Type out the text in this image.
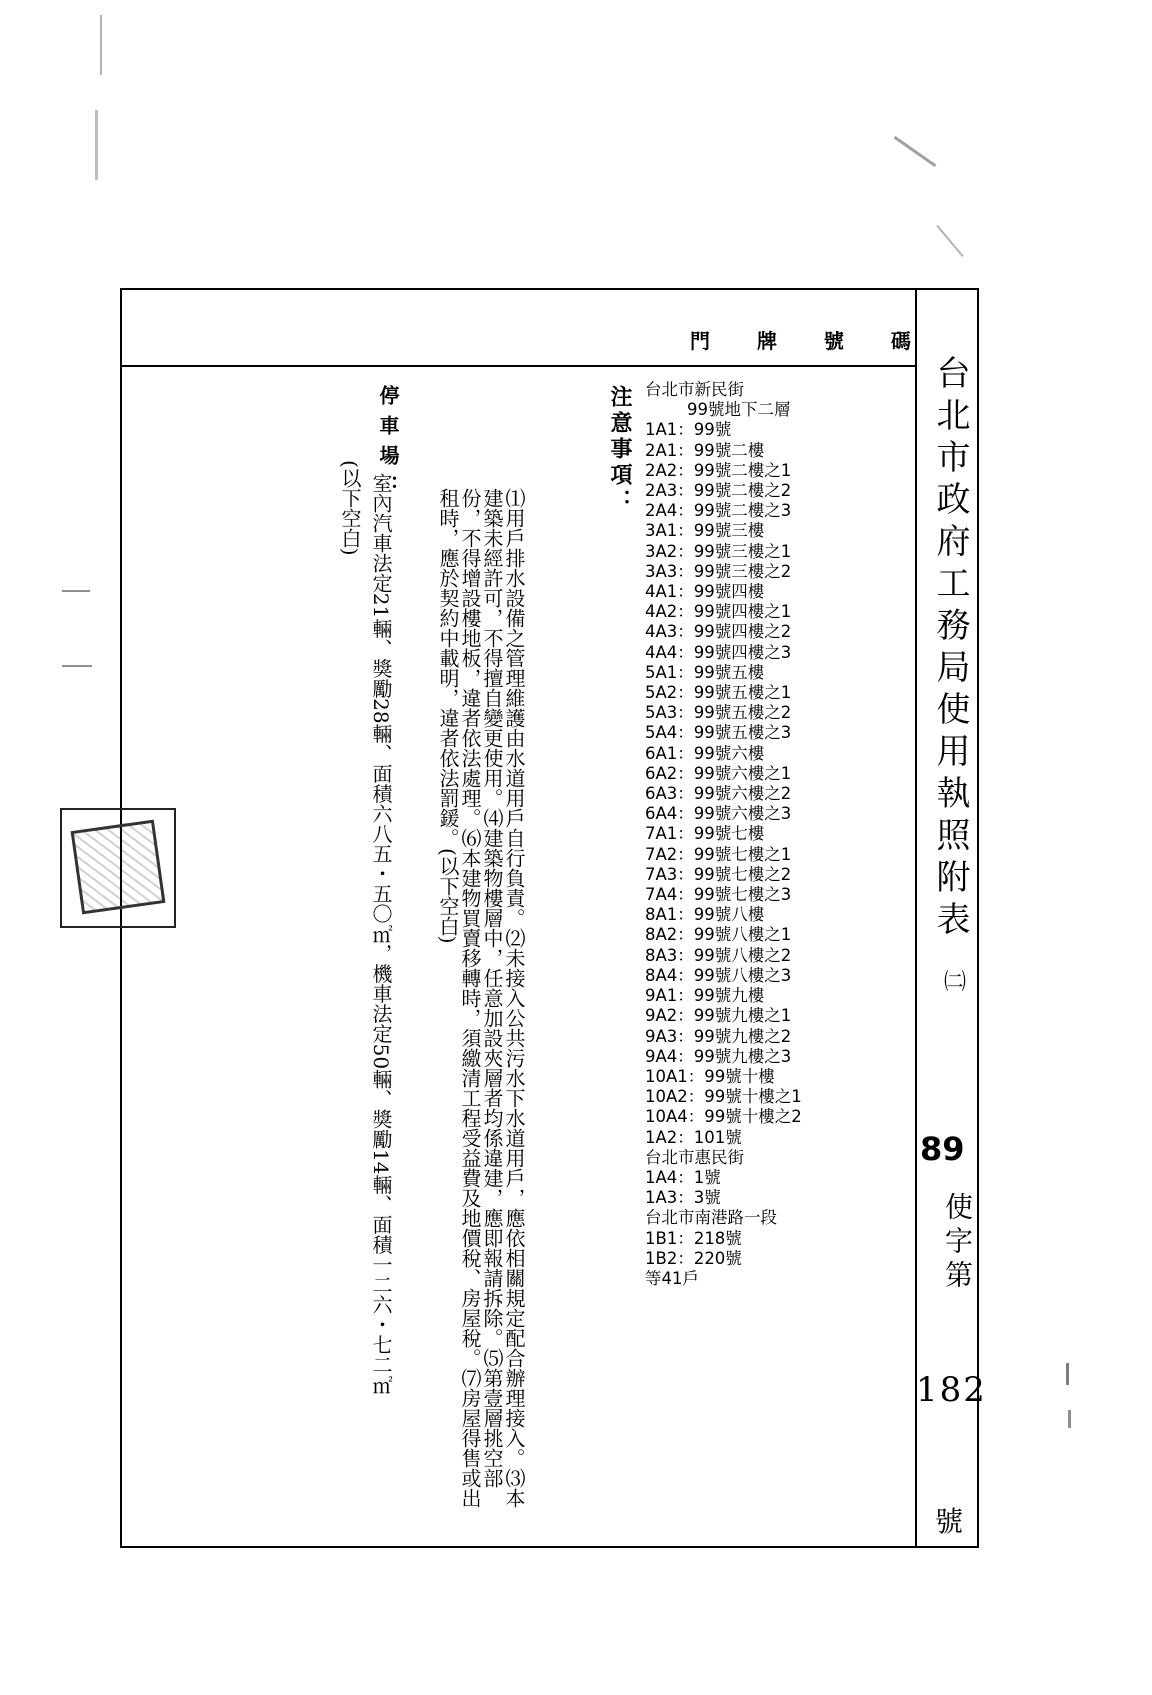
門 牌 號 碼
台北市政府工務局使用執照附表
㈡
89
使字第
182
號
台北市新民街
99號地下二層
1A1：99號
2A1：99號二樓
2A2：99號二樓之1
2A3：99號二樓之2
2A4：99號二樓之3
3A1：99號三樓
3A2：99號三樓之1
3A3：99號三樓之2
4A1：99號四樓
4A2：99號四樓之1
4A3：99號四樓之2
4A4：99號四樓之3
5A1：99號五樓
5A2：99號五樓之1
5A3：99號五樓之2
5A4：99號五樓之3
6A1：99號六樓
6A2：99號六樓之1
6A3：99號六樓之2
6A4：99號六樓之3
7A1：99號七樓
7A2：99號七樓之1
7A3：99號七樓之2
7A4：99號七樓之3
8A1：99號八樓
8A2：99號八樓之1
8A3：99號八樓之2
8A4：99號八樓之3
9A1：99號九樓
9A2：99號九樓之1
9A3：99號九樓之2
9A4：99號九樓之3
10A1：99號十樓
10A2：99號十樓之1
10A4：99號十樓之2
1A2：101號
台北市惠民街
1A4：1號
1A3：3號
台北市南港路一段
1B1：218號
1B2：220號
等41戶
注意事項：
⑴用戶排水設備之管理維護由水道用戶自行負責。⑵未接入公共污水下水道用戶，應依相關規定配合辦理接入。⑶本建築未經許可，不得擅自變更使用。⑷建築物樓層中，任意加設夾層者均係違建，應即報請拆除。⑸第壹層挑空部份，不得增設樓地板，違者依法處理。⑹本建物買賣移轉時，須繳清工程受益費及地價稅、房屋稅。⑺房屋得售或出租時，應於契約中載明，違者依法罰鍰。(以下空白)
停車場：

室內汽車法定21輛、獎勵28輛、面積六八五・五〇㎡，機車法定50輛、獎勵14輛、面積一二六・七二㎡

(以下空白)
